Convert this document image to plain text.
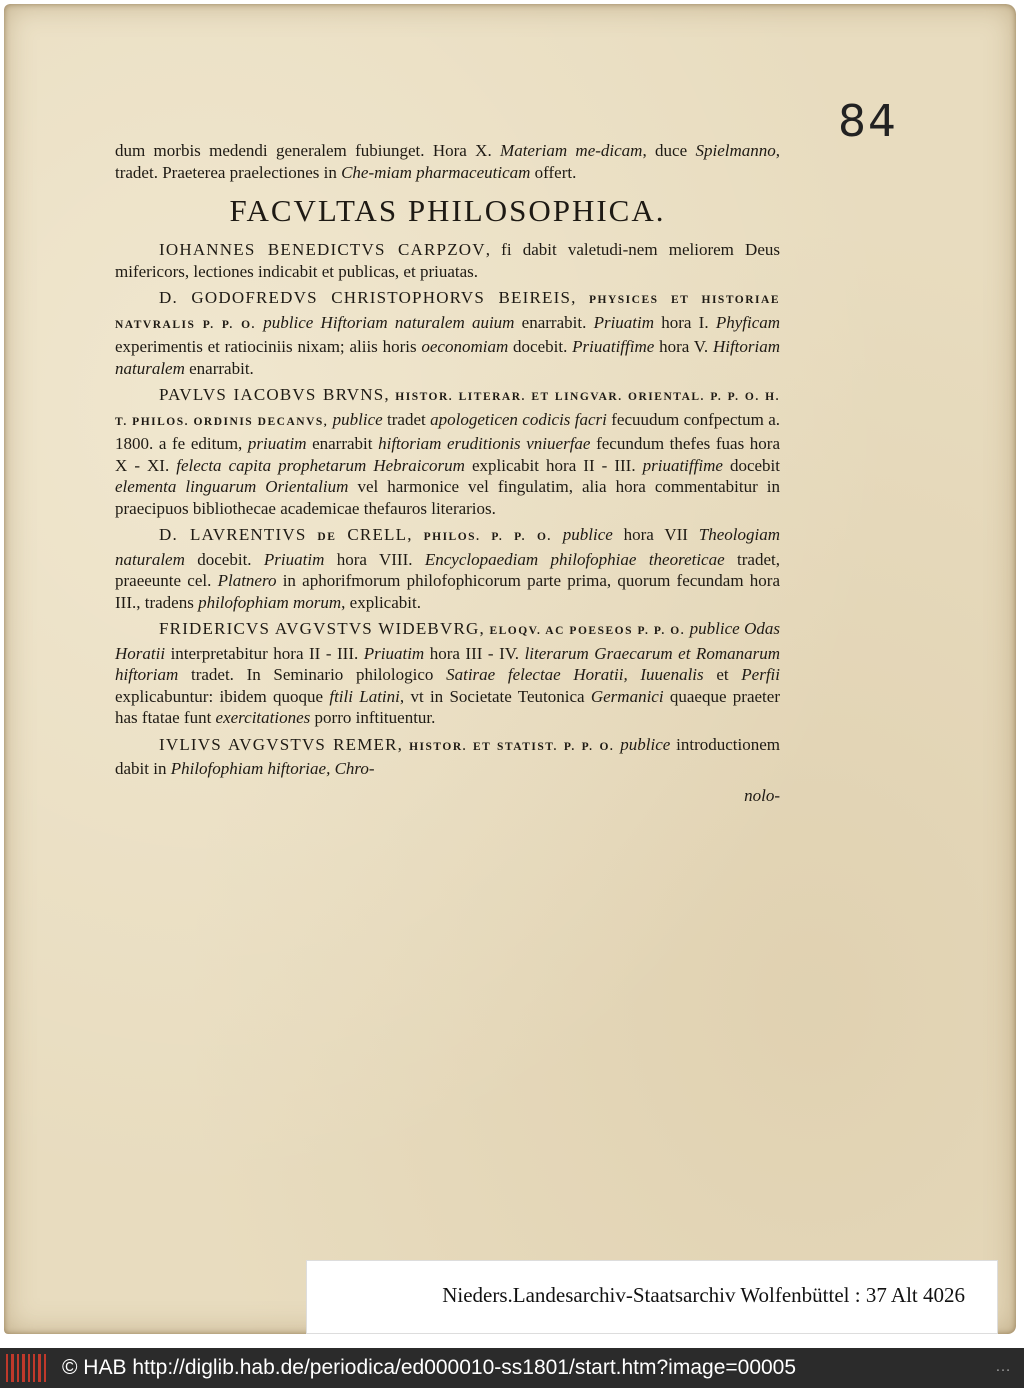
84

dum morbis medendi generalem fubiunget. Hora X. Materiam me-dicam, duce Spielmanno, tradet. Praeterea praelectiones in Che-miam pharmaceuticam offert.

FACVLTAS PHILOSOPHICA.

IOHANNES BENEDICTVS CARPZOV, fi dabit valetudi-nem meliorem Deus mifericors, lectiones indicabit et publicas, et priuatas.

D. GODOFREDVS CHRISTOPHORVS BEIREIS, PHYSICES ET HISTORIAE NATVRALIS P. P. O. publice Hiftoriam naturalem auium enarrabit. Priuatim hora I. Phyficam experimentis et ratiociniis nixam; aliis horis oeconomiam docebit. Priuatiffime hora V. Hiftoriam naturalem enarrabit.

PAVLVS IACOBVS BRVNS, HISTOR. LITERAR. ET LINGVAR. ORIENTAL. P. P. O. H. T. PHILOS. ORDINIS DECANVS, publice tradet apologeticen codicis facri fecuudum confpectum a. 1800. a fe editum, priuatim enarrabit hiftoriam eruditionis vniuerfae fecundum thefes fuas hora X - XI. felecta capita prophetarum Hebraicorum explicabit hora II - III. priuatiffime docebit elementa linguarum Orientalium vel harmonice vel fingulatim, alia hora commentabitur in praecipuos bibliothecae academicae thefauros literarios.

D. LAVRENTIVS DE CRELL, PHILOS. P. P. O. publice hora VII Theologiam naturalem docebit. Priuatim hora VIII. Encyclopaediam philofophiae theoreticae tradet, praeeunte cel. Platnero in aphorifmorum philofophicorum parte prima, quorum fecundam hora III., tradens philofophiam morum, explicabit.

FRIDERICVS AVGVSTVS WIDEBVRG, ELOQV. AC POESEOS P. P. O. publice Odas Horatii interpretabitur hora II - III. Priuatim hora III - IV. literarum Graecarum et Romanarum hiftoriam tradet. In Seminario philologico Satirae felectae Horatii, Iuuenalis et Perfii explicabuntur: ibidem quoque ftili Latini, vt in Societate Teutonica Germanici quaeque praeter has ftatae funt exercitationes porro inftituentur.

IVLIVS AVGVSTVS REMER, HISTOR. ET STATIST. P. P. O. publice introductionem dabit in Philofophiam hiftoriae, Chro-

nolo-
Nieders.Landesarchiv-Staatsarchiv Wolfenbüttel : 37 Alt 4026
© HAB http://diglib.hab.de/periodica/ed000010-ss1801/start.htm?image=00005	…
